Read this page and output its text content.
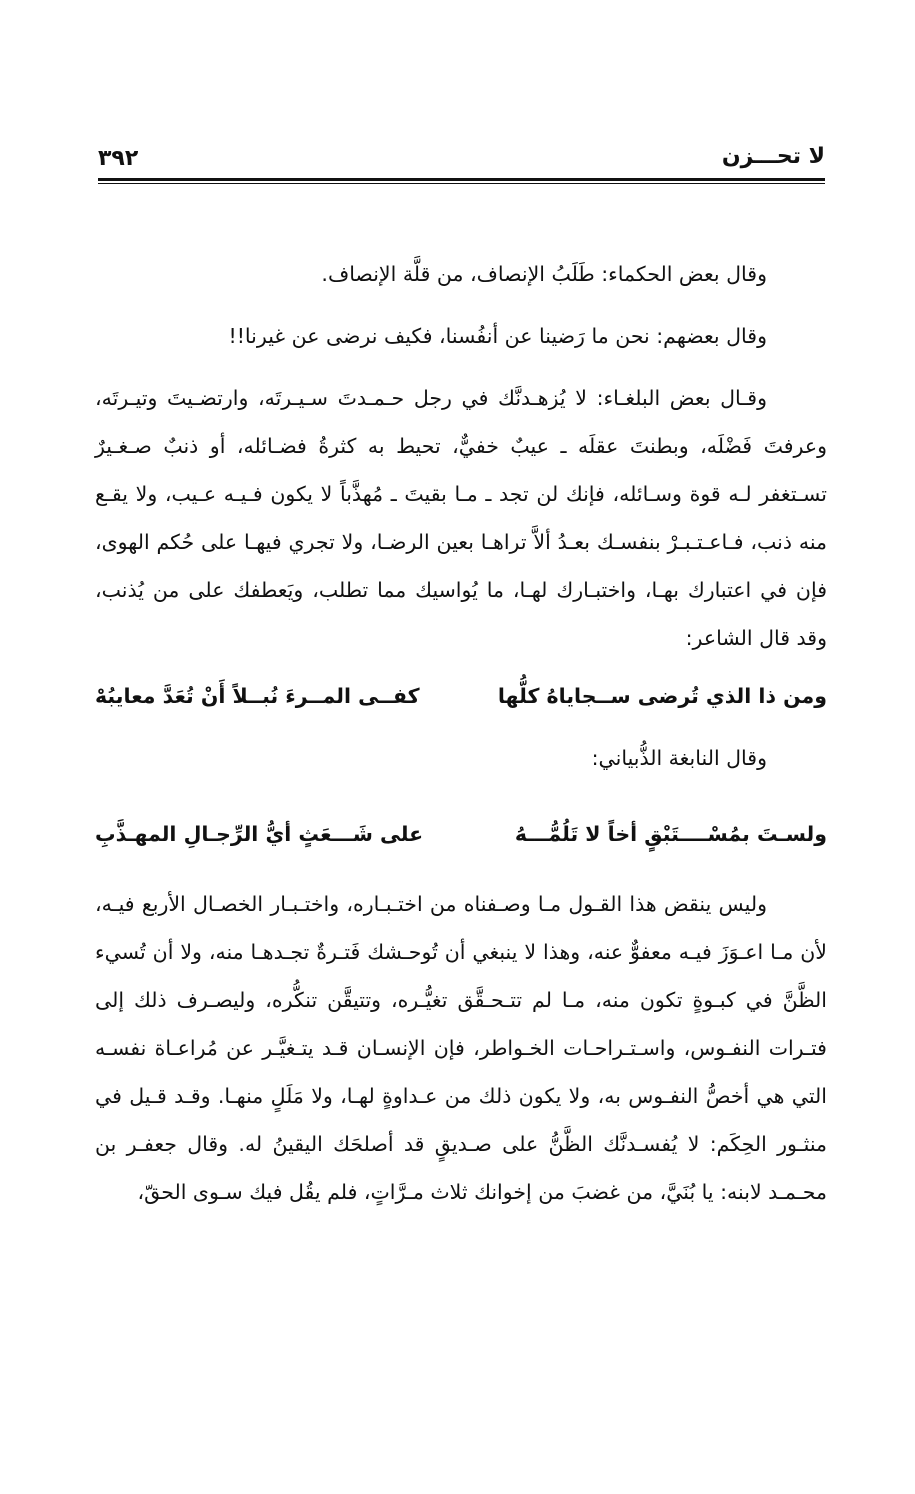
لا تحـــزن
٣٩٢

وقال بعض الحكماء: طَلَبُ الإنصاف، من قلَّة الإنصاف.

وقال بعضهم: نحن ما رَضينا عن أنفُسنا، فكيف نرضى عن غيرنا!!

وقـال بعض البلغـاء: لا يُزهـدنَّك في رجل حـمـدتَ سـيـرتَه، وارتضـيتَ وتيـرتَه، وعرفتَ فَضْلَه، وبطنتَ عقلَه ـ عيبٌ خفيٌّ، تحيط به كثرةُ فضـائله، أو ذنبٌ صـغـيرٌ تسـتغفر لـه قوة وسـائله، فإنك لن تجد ـ مـا بقيتَ ـ مُهذَّباً لا يكون فـيـه عـيب، ولا يقـع منه ذنب، فـاعـتـبـرْ بنفسـك بعـدُ ألاَّ تراهـا بعين الرضـا، ولا تجري فيهـا على حُكم الهوى، فإن في اعتبارك بهـا، واختبـارك لهـا، ما يُواسيك مما تطلب، ويَعطفك على من يُذنب، وقد قال الشاعر:

ومن ذا الذي تُرضى ســجاياهُ كلُّها
كفــى المــرءَ نُبــلاً أَنْ تُعَدَّ معايبُهْ

وقال النابغة الذُّبياني:

ولسـتَ بمُسْــــتَبْقٍ أخاً لا تَلُمُّـــهُ
على شَـــعَثٍ أيُّ الرِّجـالِ المهـذَّبِ

وليس ينقض هذا القـول مـا وصـفناه من اختـبـاره، واختـبـار الخصـال الأربع فيـه، لأن مـا اعـوَزَ فيـه معفوٌّ عنه، وهذا لا ينبغي أن تُوحـشك فَتـرةٌ تجـدهـا منه، ولا أن تُسيء الظَّنَّ في كبـوةٍ تكون منه، مـا لم تتـحـقَّق تغيُّـره، وتتيقَّن تنكُّره، وليصـرف ذلك إلى فتـرات النفـوس، واسـتـراحـات الخـواطر، فإن الإنسـان قـد يتـغيَّـر عن مُراعـاة نفسـه التي هي أخصُّ النفـوس به، ولا يكون ذلك من عـداوةٍ لهـا، ولا مَلَلٍ منهـا. وقـد قـيل في منثـور الحِكَم: لا يُفسـدنَّك الظَّنُّ على صـديقٍ قد أصلحَك اليقينُ له. وقال جعفـر بن محـمـد لابنه: يا بُنَيَّ، من غضبَ من إخوانك ثلاث مـرَّاتٍ، فلم يقُل فيك سـوى الحقّ،
